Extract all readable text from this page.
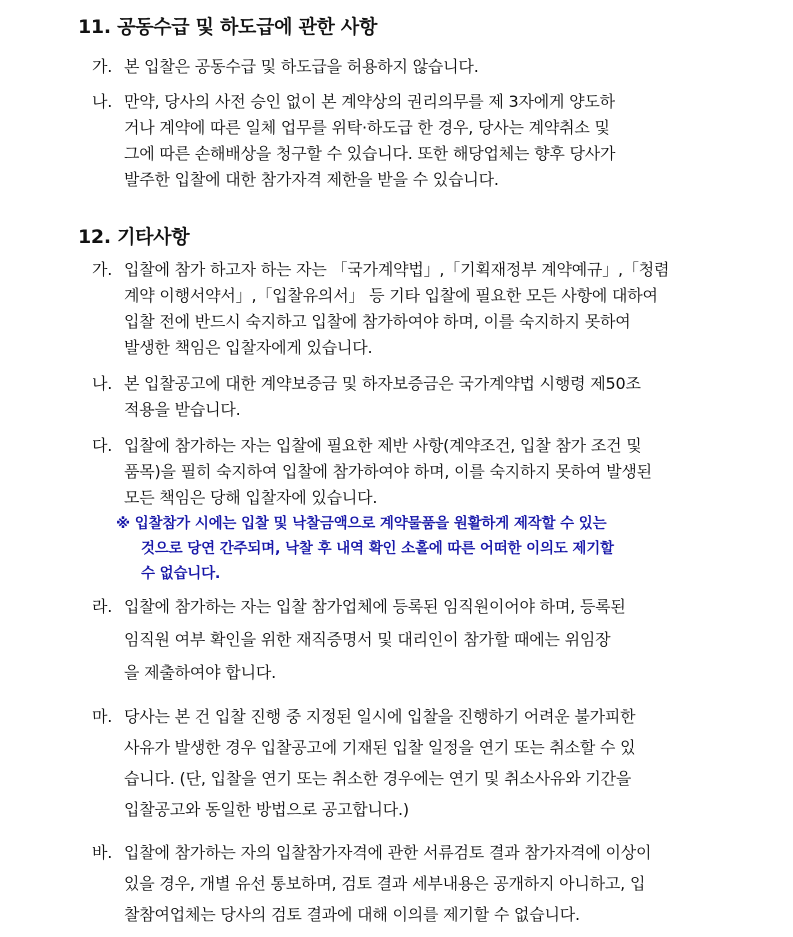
11. 공동수급 및 하도급에 관한 사항
가. 본 입찰은 공동수급 및 하도급을 허용하지 않습니다.
나. 만약, 당사의 사전 승인 없이 본 계약상의 권리의무를 제 3자에게 양도하
거나 계약에 따른 일체 업무를 위탁·하도급 한 경우, 당사는 계약취소 및
그에 따른 손해배상을 청구할 수 있습니다. 또한 해당업체는 향후 당사가
발주한 입찰에 대한 참가자격 제한을 받을 수 있습니다.
12. 기타사항
가. 입찰에 참가 하고자 하는 자는 「국가계약법」,「기획재정부 계약예규」,「청렴
계약 이행서약서」,「입찰유의서」 등 기타 입찰에 필요한 모든 사항에 대하여
입찰 전에 반드시 숙지하고 입찰에 참가하여야 하며, 이를 숙지하지 못하여
발생한 책임은 입찰자에게 있습니다.
나. 본 입찰공고에 대한 계약보증금 및 하자보증금은 국가계약법 시행령 제50조
적용을 받습니다.
다. 입찰에 참가하는 자는 입찰에 필요한 제반 사항(계약조건, 입찰 참가 조건 및
품목)을 필히 숙지하여 입찰에 참가하여야 하며, 이를 숙지하지 못하여 발생된
모든 책임은 당해 입찰자에 있습니다.
※ 입찰참가 시에는 입찰 및 낙찰금액으로 계약물품을 원활하게 제작할 수 있는
것으로 당연 간주되며, 낙찰 후 내역 확인 소홀에 따른 어떠한 이의도 제기할
수 없습니다.
라. 입찰에 참가하는 자는 입찰 참가업체에 등록된 임직원이어야 하며, 등록된
임직원 여부 확인을 위한 재직증명서 및 대리인이 참가할 때에는 위임장
을 제출하여야 합니다.
마. 당사는 본 건 입찰 진행 중 지정된 일시에 입찰을 진행하기 어려운 불가피한
사유가 발생한 경우 입찰공고에 기재된 입찰 일정을 연기 또는 취소할 수 있
습니다. (단, 입찰을 연기 또는 취소한 경우에는 연기 및 취소사유와 기간을
입찰공고와 동일한 방법으로 공고합니다.)
바. 입찰에 참가하는 자의 입찰참가자격에 관한 서류검토 결과 참가자격에 이상이
있을 경우, 개별 유선 통보하며, 검토 결과 세부내용은 공개하지 아니하고, 입
찰참여업체는 당사의 검토 결과에 대해 이의를 제기할 수 없습니다.
